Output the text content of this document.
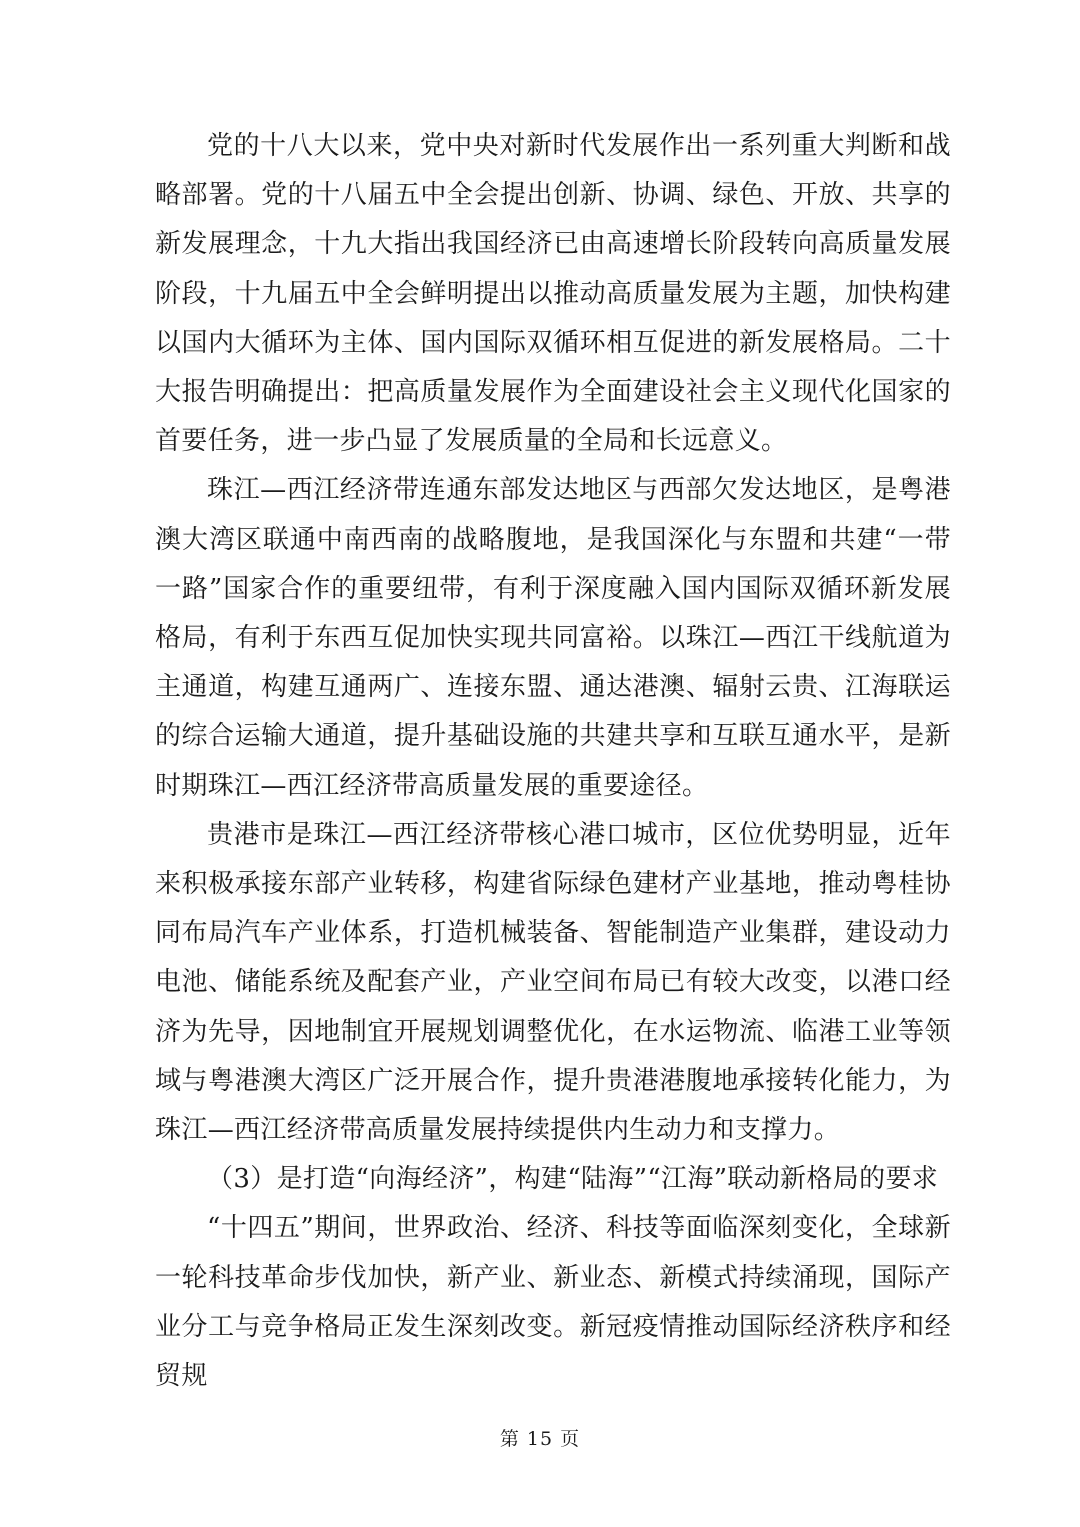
党的十八大以来，党中央对新时代发展作出一系列重大判断和战略部署。党的十八届五中全会提出创新、协调、绿色、开放、共享的新发展理念，十九大指出我国经济已由高速增长阶段转向高质量发展阶段，十九届五中全会鲜明提出以推动高质量发展为主题，加快构建以国内大循环为主体、国内国际双循环相互促进的新发展格局。二十大报告明确提出：把高质量发展作为全面建设社会主义现代化国家的首要任务，进一步凸显了发展质量的全局和长远意义。

珠江—西江经济带连通东部发达地区与西部欠发达地区，是粤港澳大湾区联通中南西南的战略腹地，是我国深化与东盟和共建“一带一路”国家合作的重要纽带，有利于深度融入国内国际双循环新发展格局，有利于东西互促加快实现共同富裕。以珠江—西江干线航道为主通道，构建互通两广、连接东盟、通达港澳、辐射云贵、江海联运的综合运输大通道，提升基础设施的共建共享和互联互通水平，是新时期珠江—西江经济带高质量发展的重要途径。

贵港市是珠江—西江经济带核心港口城市，区位优势明显，近年来积极承接东部产业转移，构建省际绿色建材产业基地，推动粤桂协同布局汽车产业体系，打造机械装备、智能制造产业集群，建设动力电池、储能系统及配套产业，产业空间布局已有较大改变，以港口经济为先导，因地制宜开展规划调整优化，在水运物流、临港工业等领域与粤港澳大湾区广泛开展合作，提升贵港港腹地承接转化能力，为珠江—西江经济带高质量发展持续提供内生动力和支撑力。

（3）是打造“向海经济”，构建“陆海”“江海”联动新格局的要求

“十四五”期间，世界政治、经济、科技等面临深刻变化，全球新一轮科技革命步伐加快，新产业、新业态、新模式持续涌现，国际产业分工与竞争格局正发生深刻改变。新冠疫情推动国际经济秩序和经贸规

第 15 页
